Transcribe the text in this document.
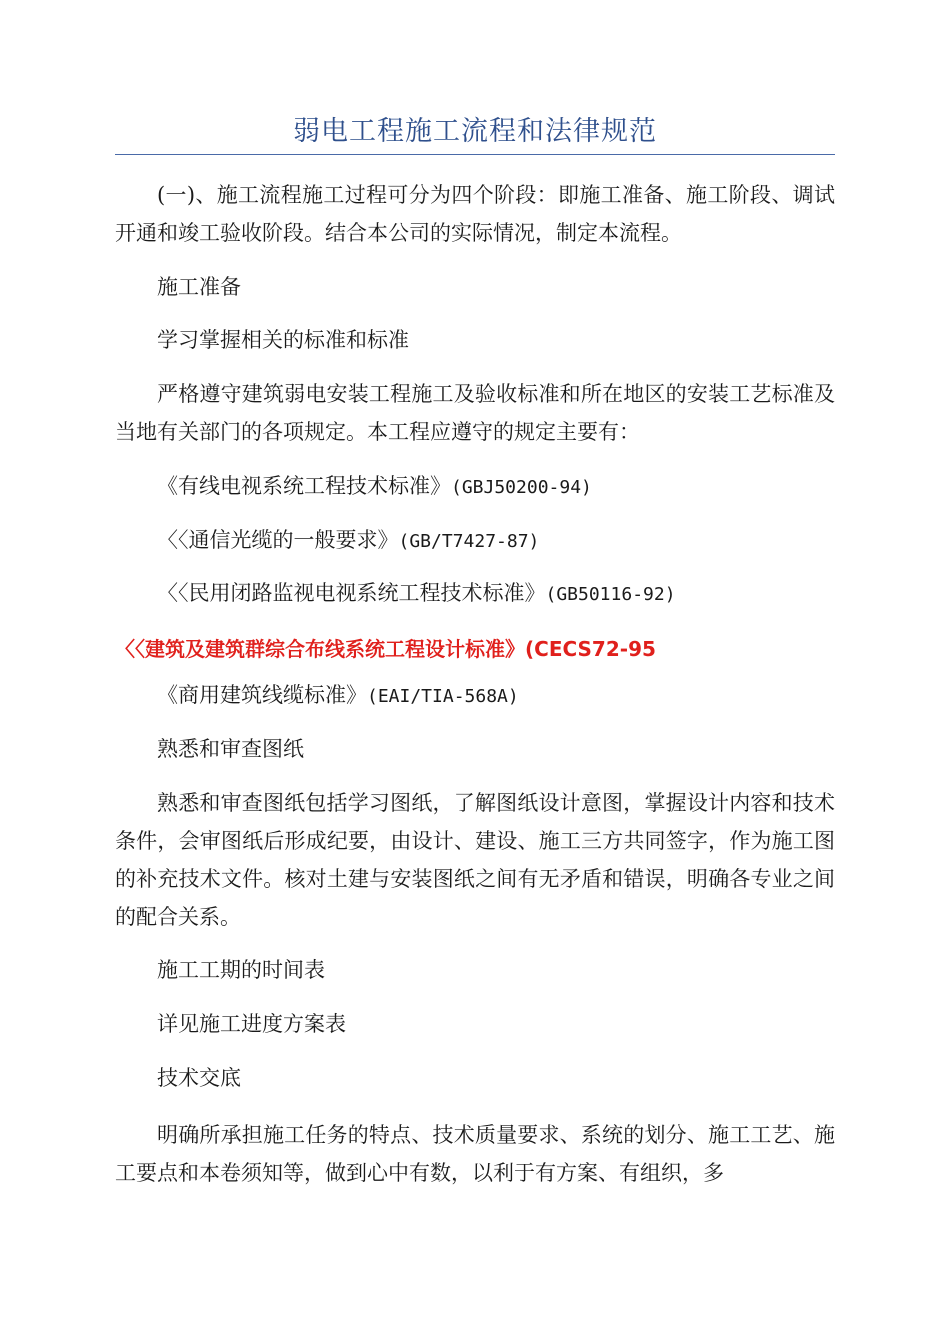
弱电工程施工流程和法律规范

(一)、施工流程施工过程可分为四个阶段：即施工准备、施工阶段、调试开通和竣工验收阶段。结合本公司的实际情况，制定本流程。

施工准备

学习掌握相关的标准和标准

严格遵守建筑弱电安装工程施工及验收标准和所在地区的安装工艺标准及当地有关部门的各项规定。本工程应遵守的规定主要有：

《有线电视系统工程技术标准》(GBJ50200-94)

〈〈通信光缆的一般要求》(GB/T7427-87)

〈〈民用闭路监视电视系统工程技术标准》(GB50116-92)

〈〈建筑及建筑群综合布线系统工程设计标准》(CECS72-95

《商用建筑线缆标准》(EAI/TIA-568A)

熟悉和审查图纸

熟悉和审查图纸包括学习图纸，了解图纸设计意图，掌握设计内容和技术条件，会审图纸后形成纪要，由设计、建设、施工三方共同签字，作为施工图的补充技术文件。核对土建与安装图纸之间有无矛盾和错误，明确各专业之间的配合关系。

施工工期的时间表

详见施工进度方案表

技术交底

明确所承担施工任务的特点、技术质量要求、系统的划分、施工工艺、施工要点和本卷须知等，做到心中有数，以利于有方案、有组织，多
